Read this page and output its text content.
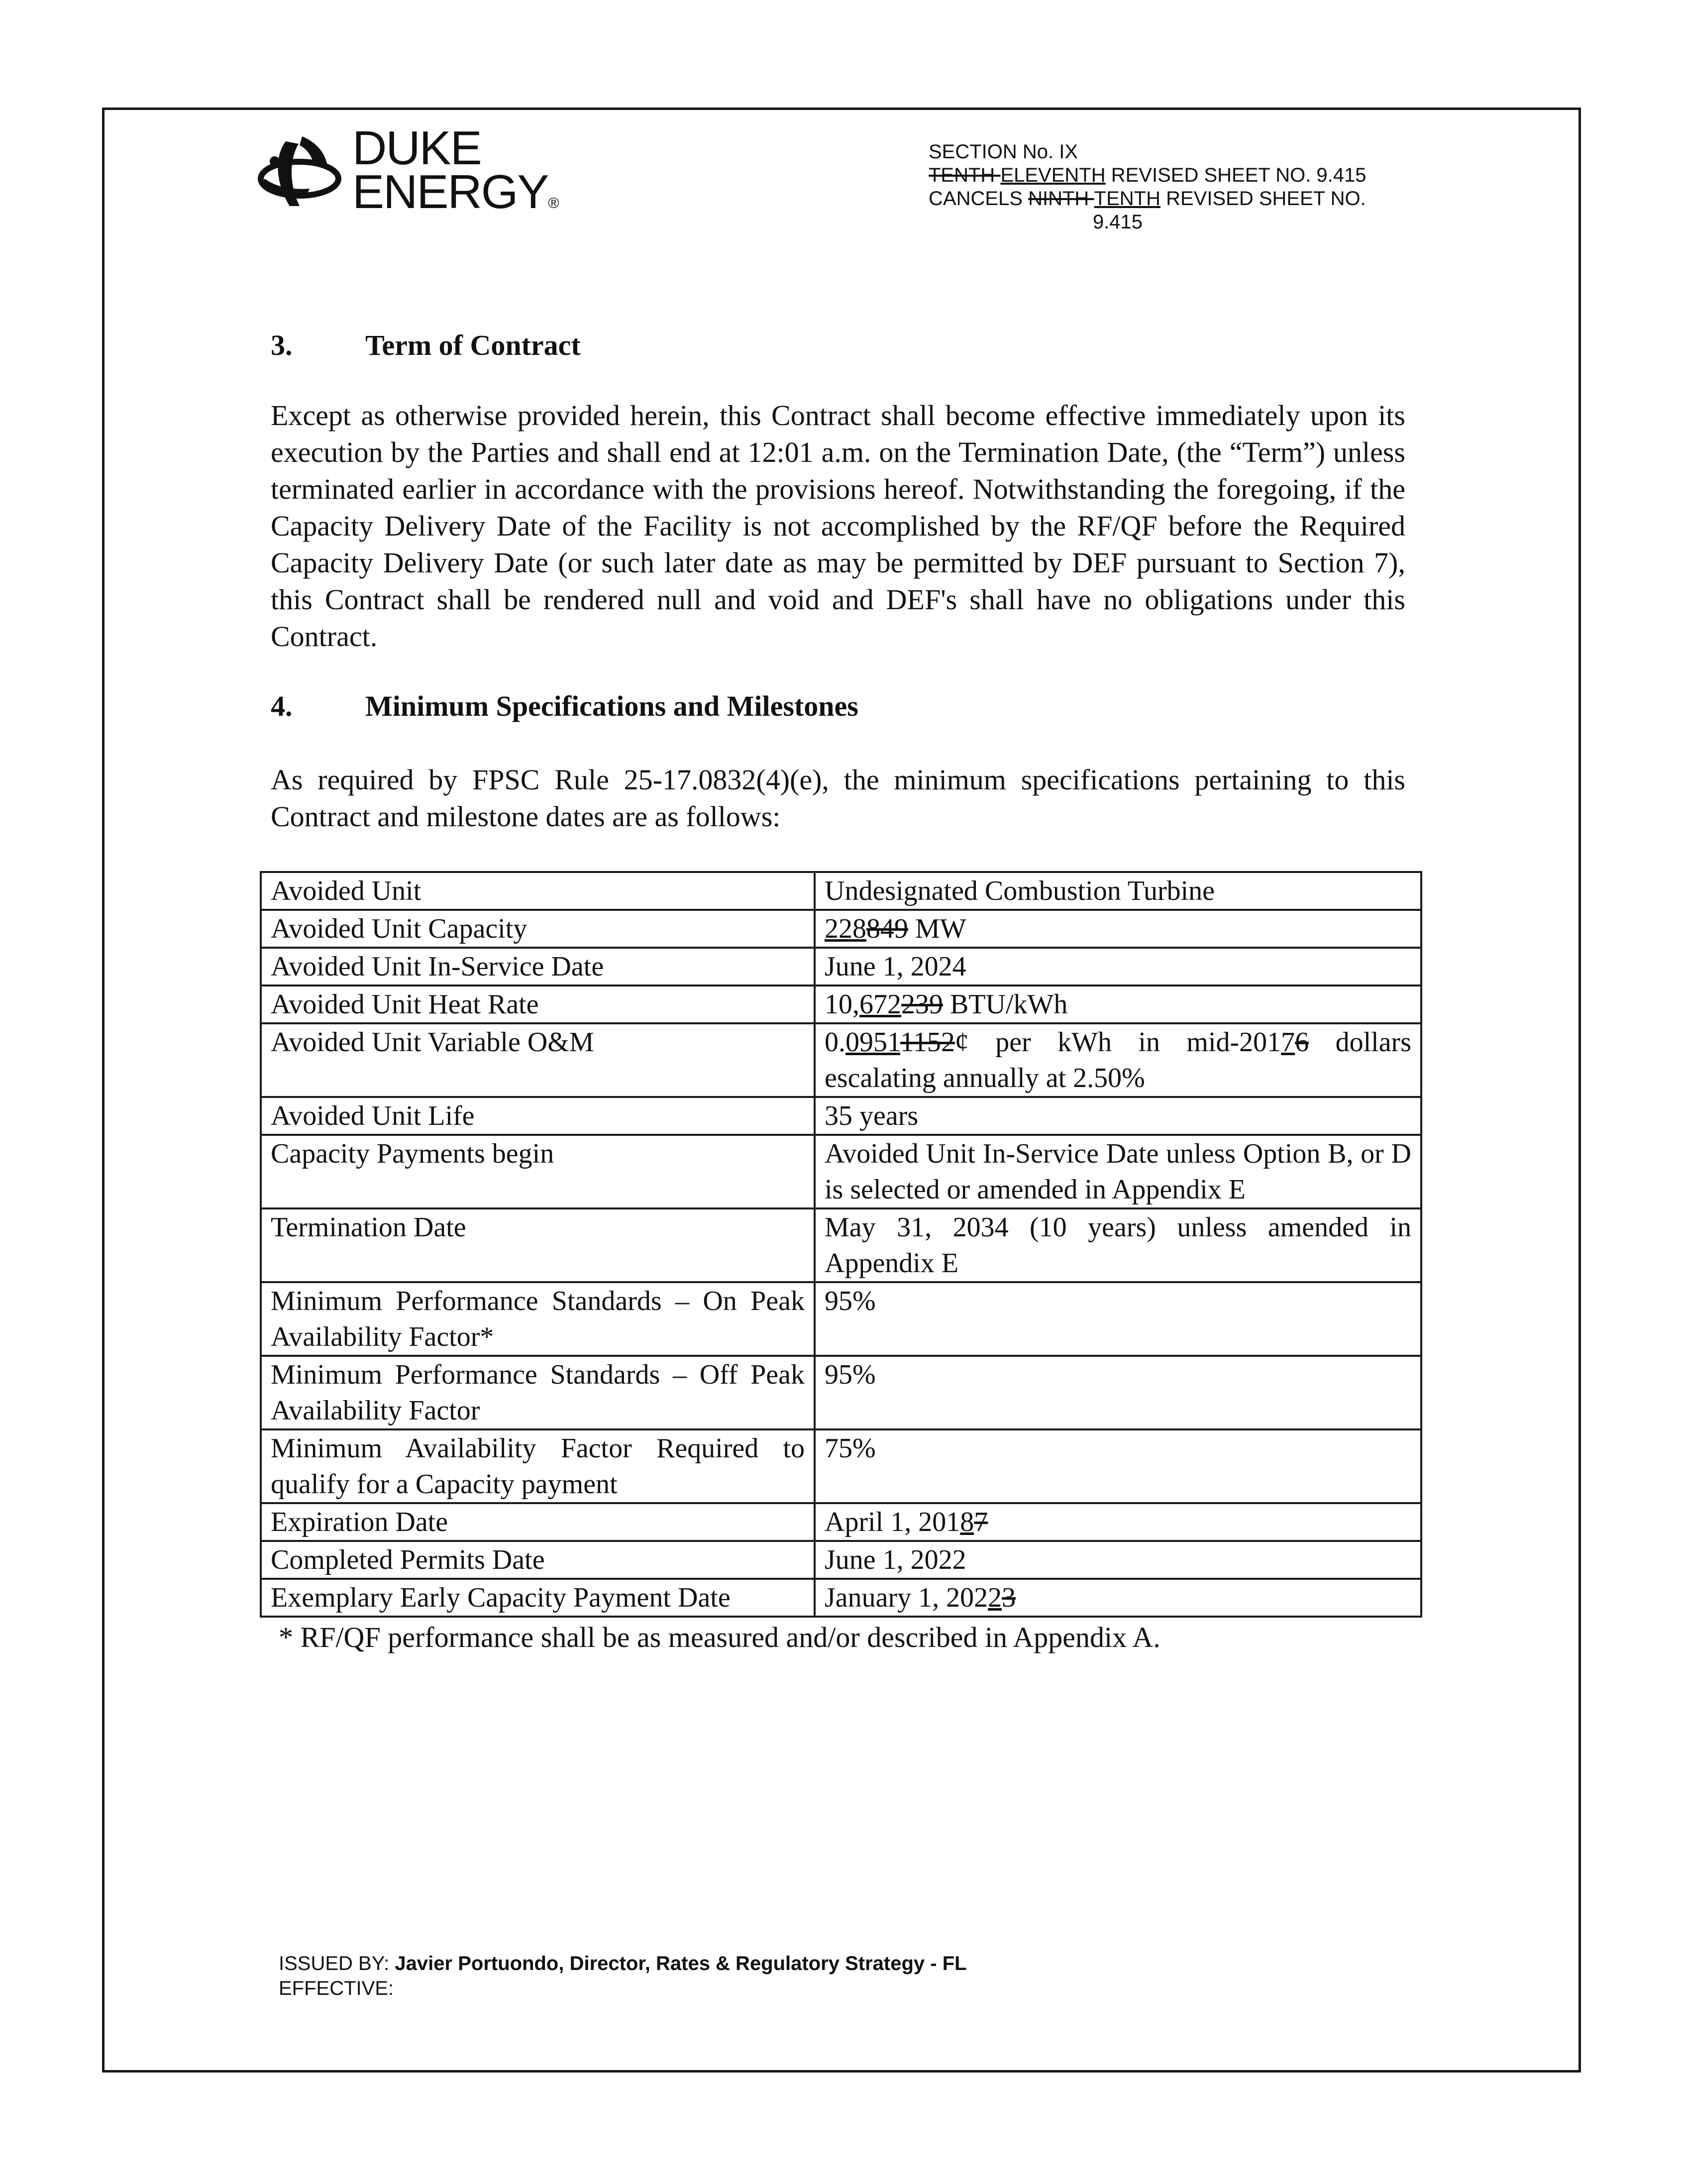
DUKE
ENERGY®
SECTION No. IX
TENTH ELEVENTH REVISED SHEET NO. 9.415
CANCELS NINTH TENTH REVISED SHEET NO.
9.415
3.	Term of Contract
Except as otherwise provided herein, this Contract shall become effective immediately upon its execution by the Parties and shall end at 12:01 a.m. on the Termination Date, (the “Term”) unless terminated earlier in accordance with the provisions hereof. Notwithstanding the foregoing, if the Capacity Delivery Date of the Facility is not accomplished by the RF/QF before the Required Capacity Delivery Date (or such later date as may be permitted by DEF pursuant to Section 7), this Contract shall be rendered null and void and DEF's shall have no obligations under this Contract.
4.	Minimum Specifications and Milestones
As required by FPSC Rule 25-17.0832(4)(e), the minimum specifications pertaining to this Contract and milestone dates are as follows:
Avoided Unit	Undesignated Combustion Turbine
Avoided Unit Capacity	228849 MW
Avoided Unit In-Service Date	June 1, 2024
Avoided Unit Heat Rate	10,672239 BTU/kWh
Avoided Unit Variable O&M	0.09511152¢ per kWh in mid-20176 dollars escalating annually at 2.50%
Avoided Unit Life	35 years
Capacity Payments begin	Avoided Unit In-Service Date unless Option B, or D is selected or amended in Appendix E
Termination Date	May 31, 2034 (10 years) unless amended in Appendix E
Minimum Performance Standards – On Peak Availability Factor*	95%
Minimum Performance Standards – Off Peak Availability Factor	95%
Minimum Availability Factor Required to qualify for a Capacity payment	75%
Expiration Date	April 1, 20187
Completed Permits Date	June 1, 2022
Exemplary Early Capacity Payment Date	January 1, 20223
* RF/QF performance shall be as measured and/or described in Appendix A.
ISSUED BY: Javier Portuondo, Director, Rates & Regulatory Strategy - FL
EFFECTIVE:
